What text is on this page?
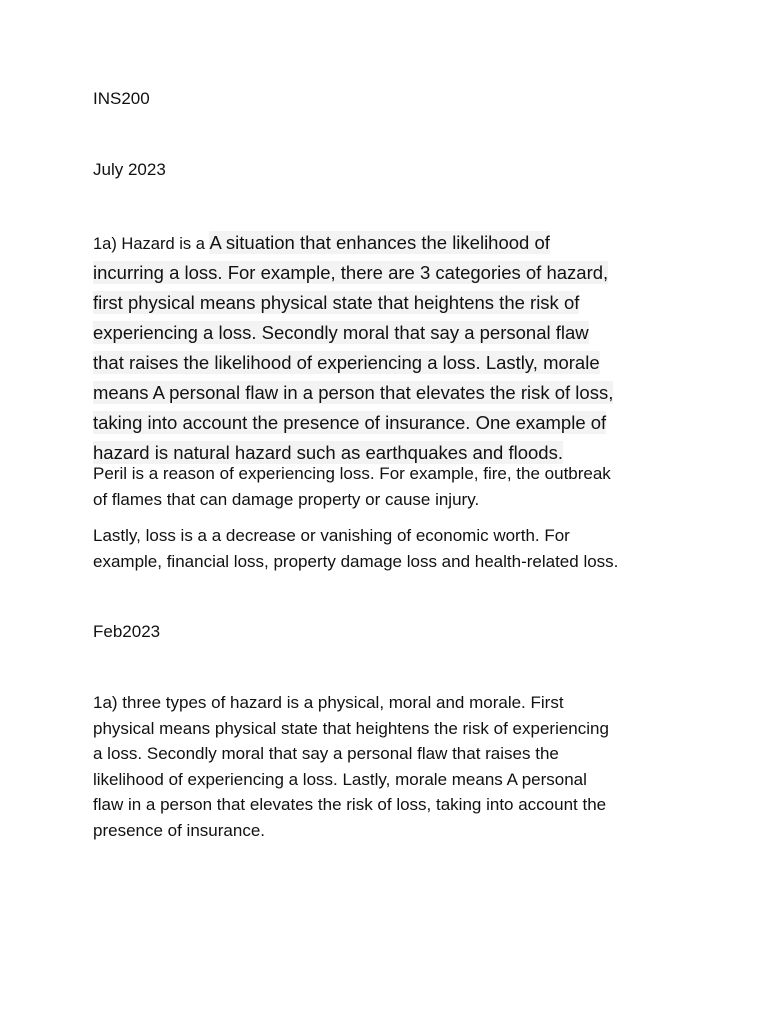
INS200

July 2023

1a) Hazard is a A situation that enhances the likelihood of
incurring a loss. For example, there are 3 categories of hazard,
first physical means physical state that heightens the risk of
experiencing a loss. Secondly moral that say a personal flaw
that raises the likelihood of experiencing a loss. Lastly, morale
means A personal flaw in a person that elevates the risk of loss,
taking into account the presence of insurance. One example of
hazard is natural hazard such as earthquakes and floods.
Peril is a reason of experiencing loss. For example, fire, the outbreak
of flames that can damage property or cause injury.
Lastly, loss is a a decrease or vanishing of economic worth. For
example, financial loss, property damage loss and health-related loss.

Feb2023

1a) three types of hazard is a physical, moral and morale. First
physical means physical state that heightens the risk of experiencing
a loss. Secondly moral that say a personal flaw that raises the
likelihood of experiencing a loss. Lastly, morale means A personal
flaw in a person that elevates the risk of loss, taking into account the
presence of insurance.
